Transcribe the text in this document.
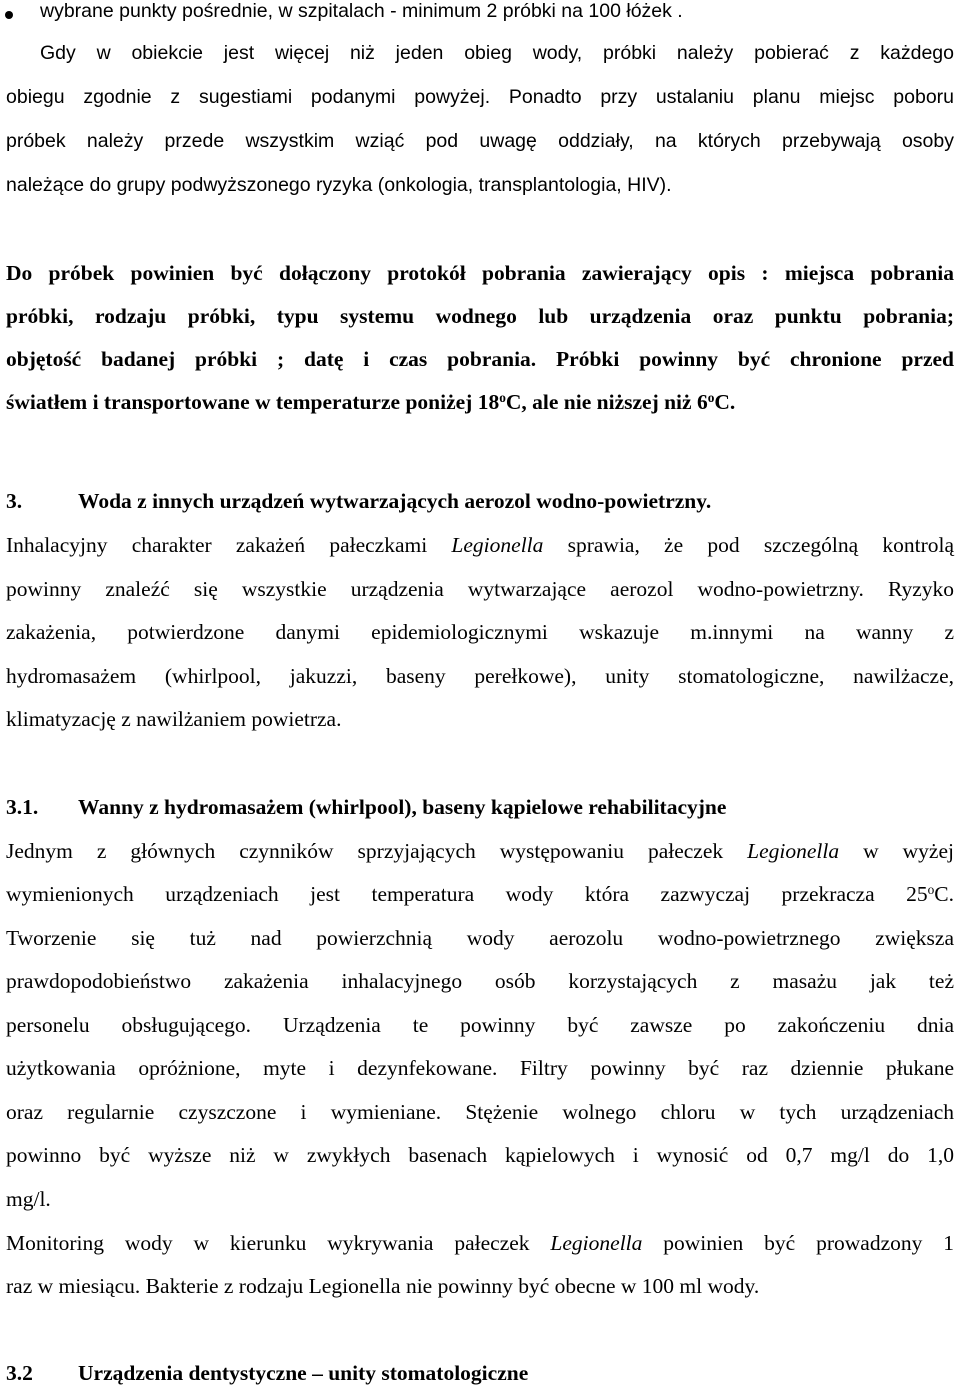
wybrane punkty pośrednie, w szpitalach - minimum 2 próbki na 100 łóżek .

Gdy w obiekcie jest więcej niż jeden obieg wody, próbki należy pobierać z każdego

obiegu zgodnie z sugestiami podanymi powyżej. Ponadto przy ustalaniu planu miejsc poboru

próbek należy przede wszystkim wziąć pod uwagę oddziały, na których przebywają osoby

należące do grupy podwyższonego ryzyka (onkologia, transplantologia, HIV).

Do próbek powinien być dołączony protokół pobrania zawierający opis : miejsca pobrania

próbki, rodzaju próbki, typu systemu wodnego lub urządzenia oraz punktu pobrania;

objętość badanej próbki ; datę i czas pobrania. Próbki powinny być chronione przed

światłem i transportowane w temperaturze poniżej 18$^o$C, ale nie niższej niż 6$^o$C.

3.	Woda z innych urządzeń wytwarzających aerozol wodno-powietrzny.

Inhalacyjny charakter zakażeń pałeczkami Legionella sprawia, że pod szczególną kontrolą

powinny znaleźć się wszystkie urządzenia wytwarzające aerozol wodno-powietrzny. Ryzyko

zakażenia, potwierdzone danymi epidemiologicznymi wskazuje m.innymi na wanny z

hydromasażem (whirlpool, jakuzzi, baseny perełkowe), unity stomatologiczne, nawilżacze,

klimatyzację z nawilżaniem powietrza.

3.1. Wanny z hydromasażem (whirlpool), baseny kąpielowe rehabilitacyjne

Jednym z głównych czynników sprzyjających występowaniu pałeczek Legionella w wyżej

wymienionych urządzeniach jest temperatura wody która zazwyczaj przekracza 25$^o$C.

Tworzenie się tuż nad powierzchnią wody aerozolu wodno-powietrznego zwiększa

prawdopodobieństwo zakażenia inhalacyjnego osób korzystających z masażu jak też

personelu obsługującego. Urządzenia te powinny być zawsze po zakończeniu dnia

użytkowania opróżnione, myte i dezynfekowane. Filtry powinny być raz dziennie płukane

oraz regularnie czyszczone i wymieniane. Stężenie wolnego chloru w tych urządzeniach

powinno być wyższe niż w zwykłych basenach kąpielowych i wynosić od 0,7 mg/l do 1,0

mg/l.

Monitoring wody w kierunku wykrywania pałeczek Legionella powinien być prowadzony 1

raz w miesiącu. Bakterie z rodzaju Legionella nie powinny być obecne w 100 ml wody.

3.2 Urządzenia dentystyczne – unity stomatologiczne
